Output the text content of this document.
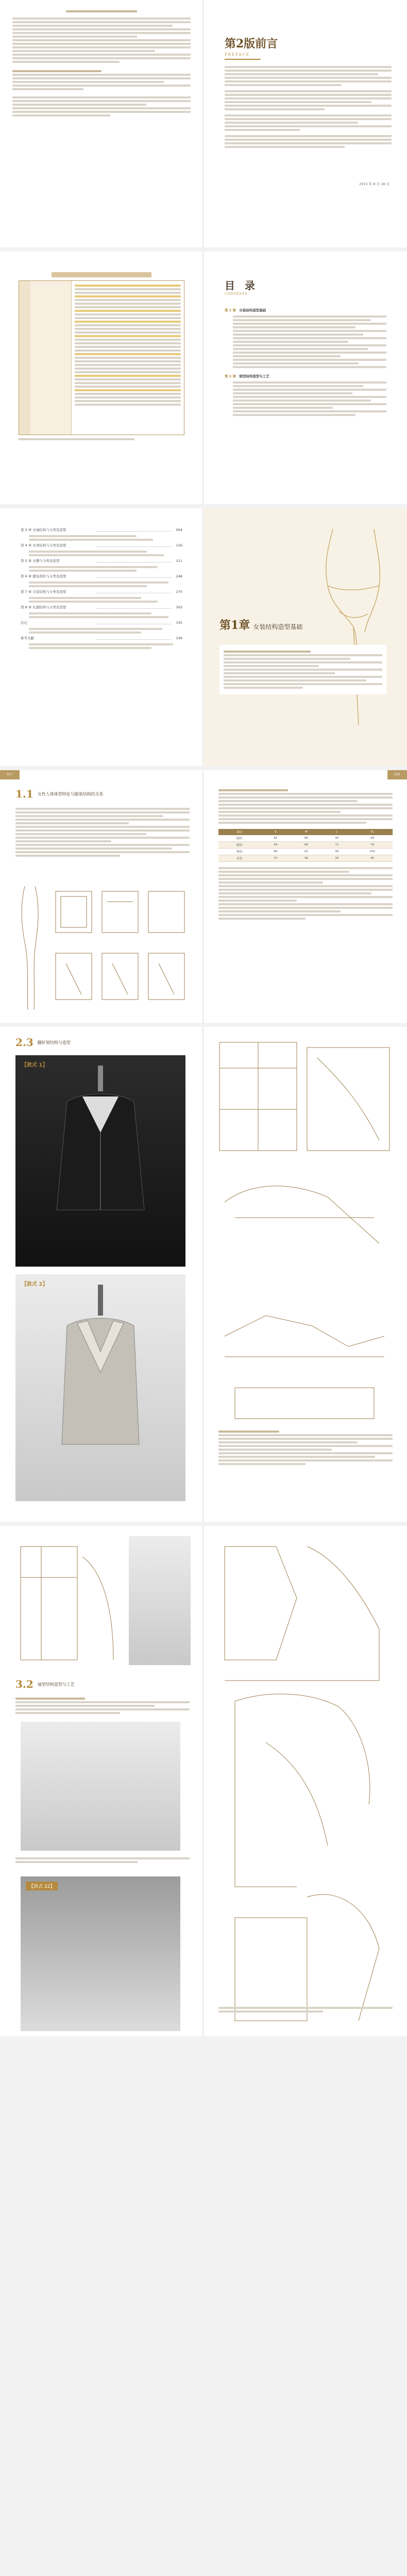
第2版前言
PREFACE
2015 年 8 月 18 日
目 录
CONTENTS
第 1 章 女装结构造型基础
第 2 章 领型结构造型与工艺
第 3 章 衣袖结构与分类及造型	094
第 4 章 衣身结构与分类及造型	156
第 5 章 衣摆与分类及造型	211
第 6 章 服装部件与分类及造型	248
第 7 章 女装结构与分类及造型	270
第 8 章 礼服结构与分类及造型	302
后记	335
参考文献	336
第1章 女装结构造型基础
017
1.1 女性人体体型特征与服装结构的关系
部位	S	M	L	XL
胸围	82	86	90	94
腰围	64	68	72	76
臀围	88	92	96	100
肩宽	37	38	39	40
025
2.3 翻折领结构与造型
【款式 1】
【款式 2】
3.2 袖型结构造型与工艺
【款式 22】
